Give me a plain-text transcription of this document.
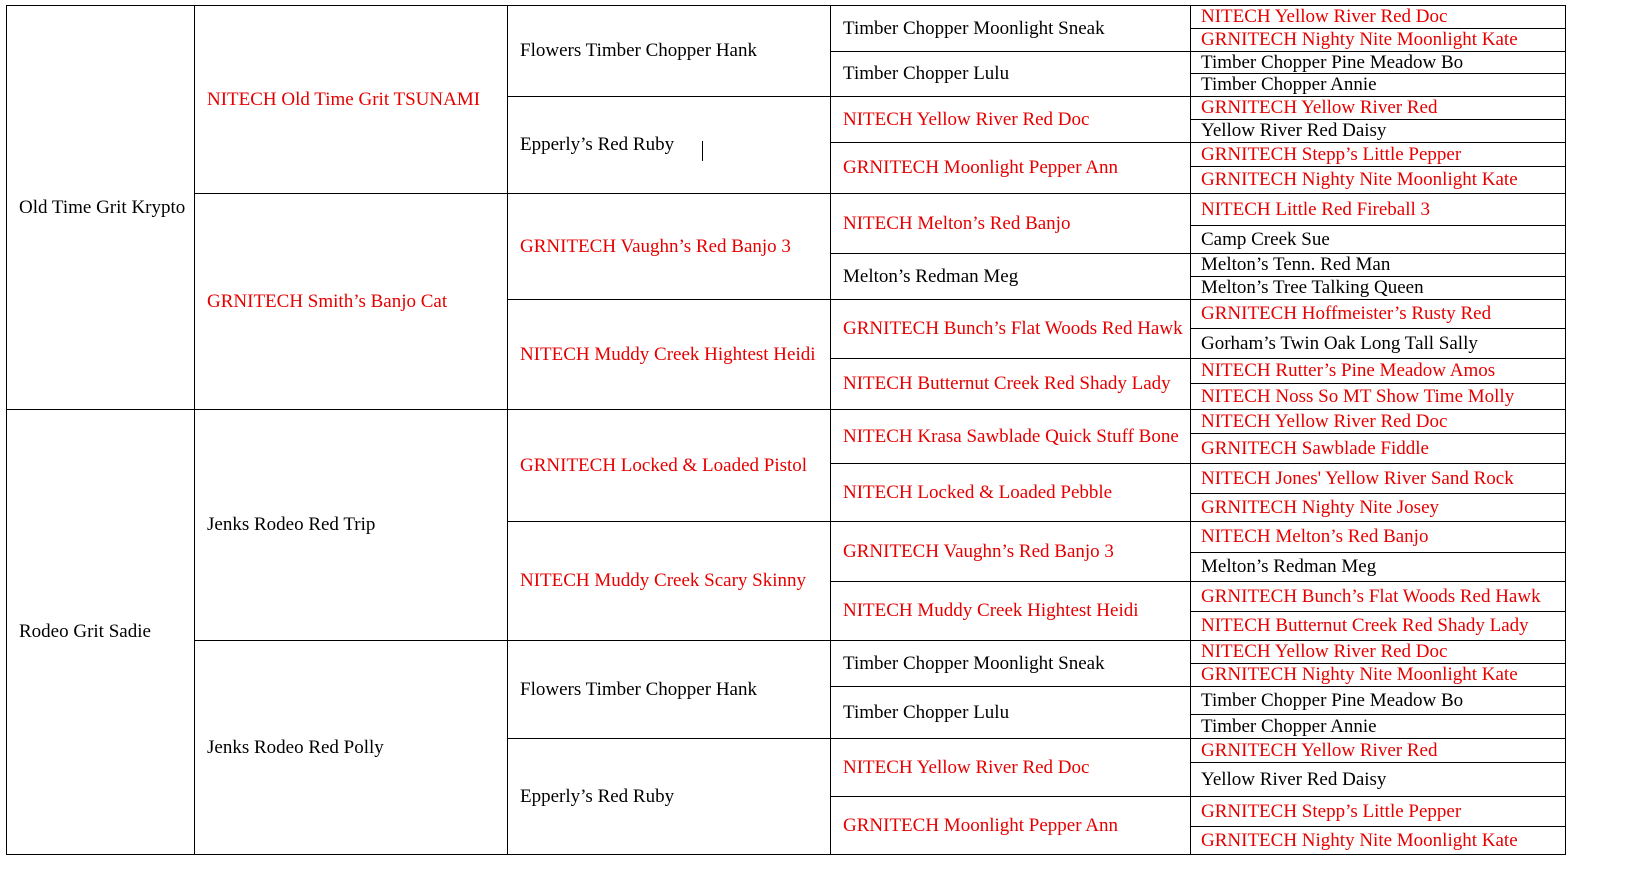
Old Time Grit Krypto
Rodeo Grit Sadie
NITECH Old Time Grit TSUNAMI
GRNITECH Smith’s Banjo Cat
Jenks Rodeo Red Trip
Jenks Rodeo Red Polly
Flowers Timber Chopper Hank
Epperly’s Red Ruby
GRNITECH Vaughn’s Red Banjo 3
NITECH Muddy Creek Hightest Heidi
GRNITECH Locked & Loaded Pistol
NITECH Muddy Creek Scary Skinny
Flowers Timber Chopper Hank
Epperly’s Red Ruby
Timber Chopper Moonlight Sneak
Timber Chopper Lulu
NITECH Yellow River Red Doc
GRNITECH Moonlight Pepper Ann
NITECH Melton’s Red Banjo
Melton’s Redman Meg
GRNITECH Bunch’s Flat Woods Red Hawk
NITECH Butternut Creek Red Shady Lady
NITECH Krasa Sawblade Quick Stuff Bone
NITECH Locked & Loaded Pebble
GRNITECH Vaughn’s Red Banjo 3
NITECH Muddy Creek Hightest Heidi
Timber Chopper Moonlight Sneak
Timber Chopper Lulu
NITECH Yellow River Red Doc
GRNITECH Moonlight Pepper Ann
NITECH Yellow River Red Doc
GRNITECH Nighty Nite Moonlight Kate
Timber Chopper Pine Meadow Bo
Timber Chopper Annie
GRNITECH Yellow River Red
Yellow River Red Daisy
GRNITECH Stepp’s Little Pepper
GRNITECH Nighty Nite Moonlight Kate
NITECH Little Red Fireball 3
Camp Creek Sue
Melton’s Tenn. Red Man
Melton’s Tree Talking Queen
GRNITECH Hoffmeister’s Rusty Red
Gorham’s Twin Oak Long Tall Sally
NITECH Rutter’s Pine Meadow Amos
NITECH Noss So MT Show Time Molly
NITECH Yellow River Red Doc
GRNITECH Sawblade Fiddle
NITECH Jones' Yellow River Sand Rock
GRNITECH Nighty Nite Josey
NITECH Melton’s Red Banjo
Melton’s Redman Meg
GRNITECH Bunch’s Flat Woods Red Hawk
NITECH Butternut Creek Red Shady Lady
NITECH Yellow River Red Doc
GRNITECH Nighty Nite Moonlight Kate
Timber Chopper Pine Meadow Bo
Timber Chopper Annie
GRNITECH Yellow River Red
Yellow River Red Daisy
GRNITECH Stepp’s Little Pepper
GRNITECH Nighty Nite Moonlight Kate
